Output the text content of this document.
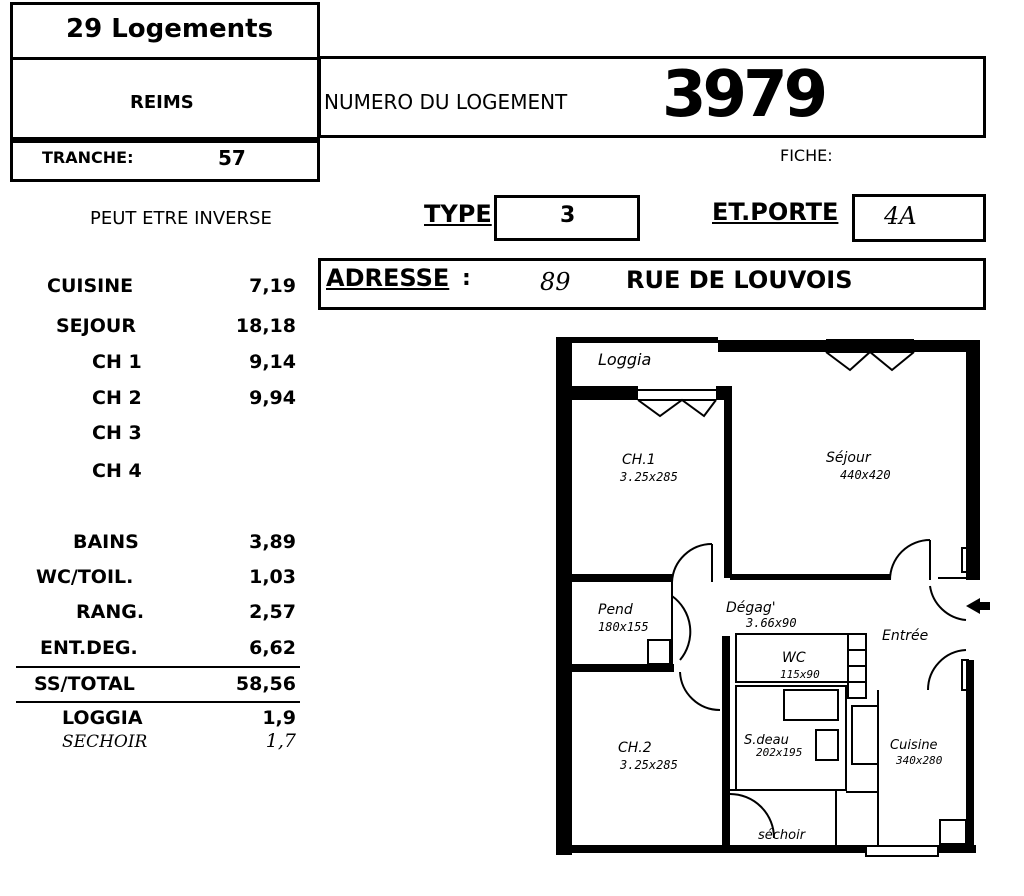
29 Logements
REIMS
TRANCHE:	57
NUMERO DU LOGEMENT 3979
FICHE:
PEUT ETRE INVERSE	TYPE	3	ET.PORTE 4A
ADRESSE :	89 RUE DE LOUVOIS
CUISINE	7,19
SEJOUR	18,18
CH 1	9,14
CH 2	9,94
CH 3
CH 4
BAINS	3,89
WC/TOIL.	1,03
RANG.	2,57
ENT.DEG.	6,62
SS/TOTAL	58,56
LOGGIA	1,9
SECHOIR	1,7
Loggia
CH.1
3.25x285
Séjour
440x420
Pend
180x155
Dégag'
3.66x90
Entrée
WC
115x90
S.deau
202x195	Cuisine
340x280
CH.2
3.25x285
séchoir
